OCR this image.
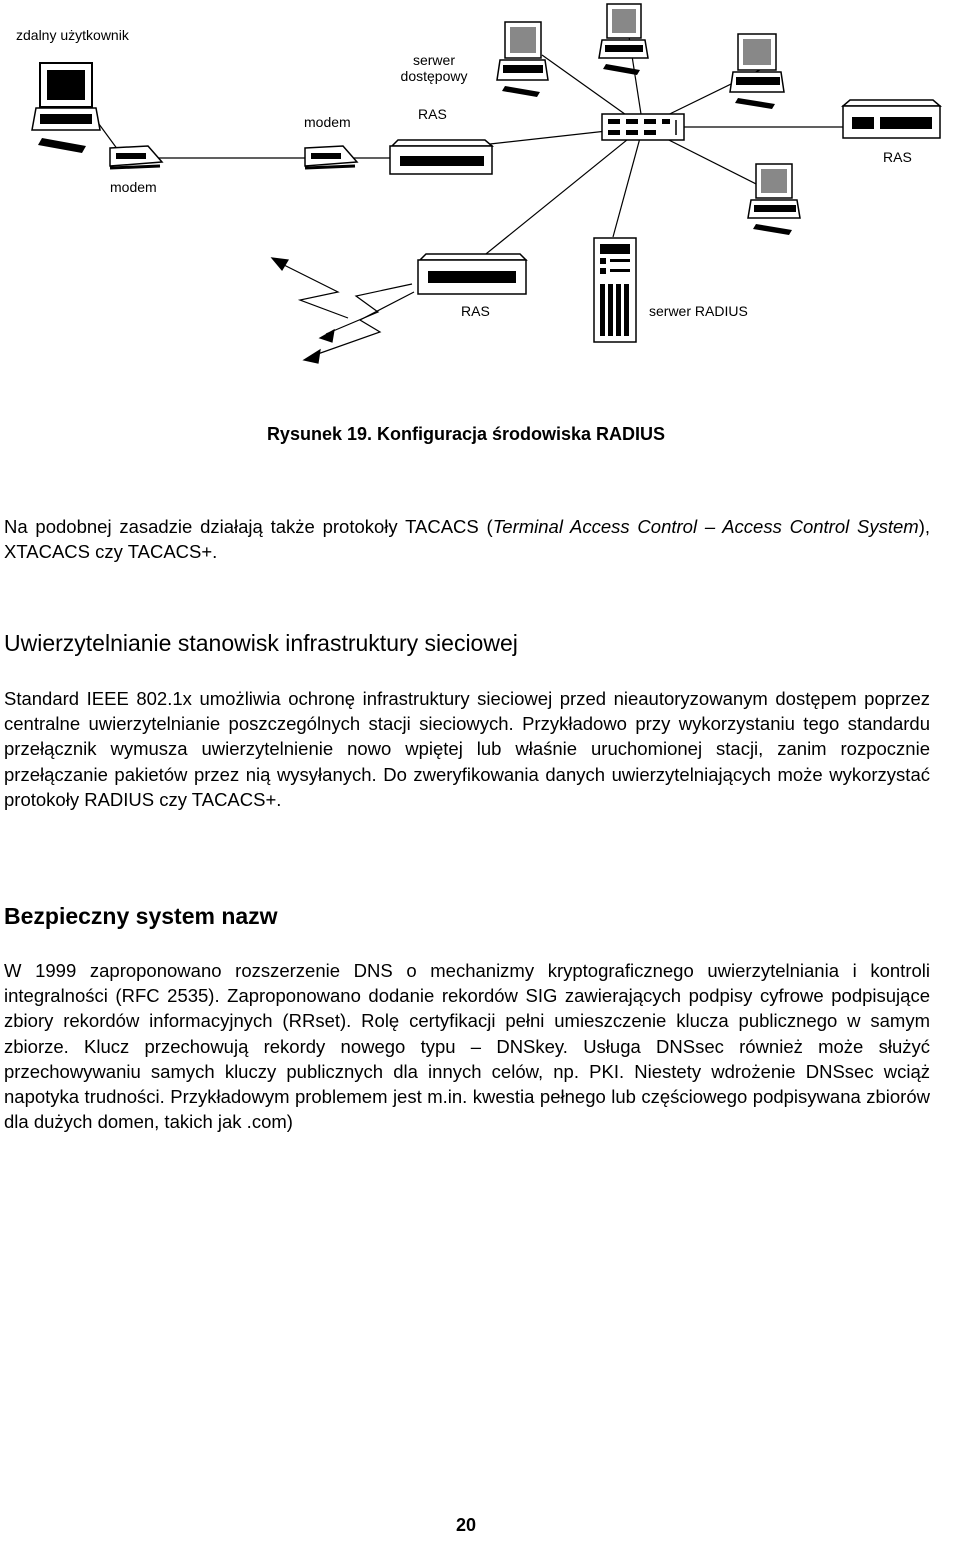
zdalny użytkownik
serwer
dostępowy
modem	RAS
RAS
modem
RAS	serwer RADIUS
Rysunek 19. Konfiguracja środowiska RADIUS
Na podobnej zasadzie działają także protokoły TACACS (Terminal Access Control – Access Control System), XTACACS czy TACACS+.
Uwierzytelnianie stanowisk infrastruktury sieciowej
Standard IEEE 802.1x umożliwia ochronę infrastruktury sieciowej przed nieautoryzowanym dostępem poprzez centralne uwierzytelnianie poszczególnych stacji sieciowych. Przykładowo przy wykorzystaniu tego standardu przełącznik wymusza uwierzytelnienie nowo wpiętej lub właśnie uruchomionej stacji, zanim rozpocznie przełączanie pakietów przez nią wysyłanych. Do zweryfikowania danych uwierzytelniających może wykorzystać protokoły RADIUS czy TACACS+.
Bezpieczny system nazw
W 1999 zaproponowano rozszerzenie DNS o mechanizmy kryptograficznego uwierzytelniania i kontroli integralności (RFC 2535). Zaproponowano dodanie rekordów SIG zawierających podpisy cyfrowe podpisujące zbiory rekordów informacyjnych (RRset). Rolę certyfikacji pełni umieszczenie klucza publicznego w samym zbiorze. Klucz przechowują rekordy nowego typu – DNSkey. Usługa DNSsec również może służyć przechowywaniu samych kluczy publicznych dla innych celów, np. PKI. Niestety wdrożenie DNSsec wciąż napotyka trudności. Przykładowym problemem jest m.in. kwestia pełnego lub częściowego podpisywana zbiorów dla dużych domen, takich jak .com)
20
